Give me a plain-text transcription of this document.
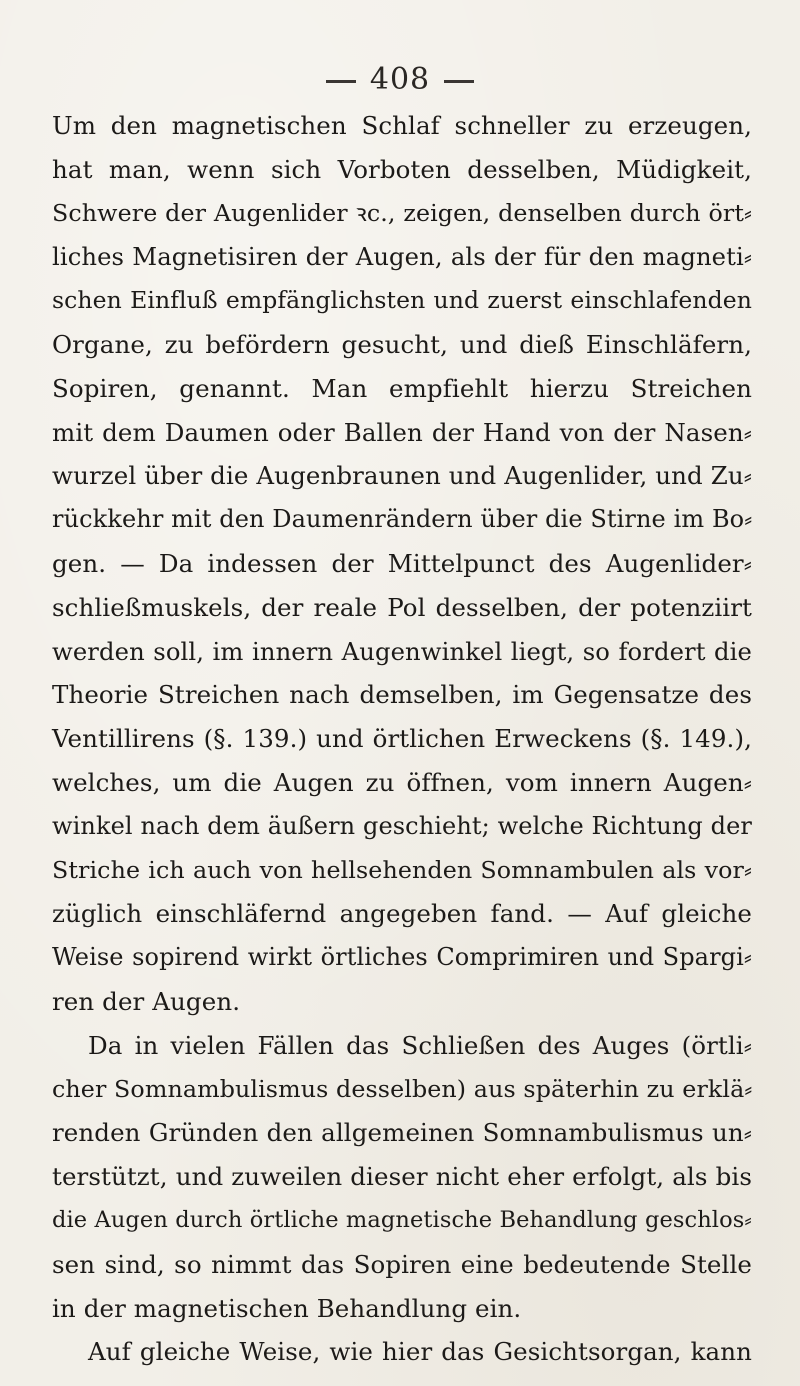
408
Um den magnetischen Schlaf schneller zu erzeugen,
hat man, wenn sich Vorboten desselben, Müdigkeit,
Schwere der Augenlider ꝛc., zeigen, denselben durch ört⸗
liches Magnetisiren der Augen, als der für den magneti⸗
schen Einfluß empfänglichsten und zuerst einschlafenden
Organe, zu befördern gesucht, und dieß Einschläfern,
Sopiren, genannt. Man empfiehlt hierzu Streichen
mit dem Daumen oder Ballen der Hand von der Nasen⸗
wurzel über die Augenbraunen und Augenlider, und Zu⸗
rückkehr mit den Daumenrändern über die Stirne im Bo⸗
gen. — Da indessen der Mittelpunct des Augenlider⸗
schließmuskels, der reale Pol desselben, der potenziirt
werden soll, im innern Augenwinkel liegt, so fordert die
Theorie Streichen nach demselben, im Gegensatze des
Ventillirens (§. 139.) und örtlichen Erweckens (§. 149.),
welches, um die Augen zu öffnen, vom innern Augen⸗
winkel nach dem äußern geschieht; welche Richtung der
Striche ich auch von hellsehenden Somnambulen als vor⸗
züglich einschläfernd angegeben fand. — Auf gleiche
Weise sopirend wirkt örtliches Comprimiren und Spargi⸗
ren der Augen.
Da in vielen Fällen das Schließen des Auges (örtli⸗
cher Somnambulismus desselben) aus späterhin zu erklä⸗
renden Gründen den allgemeinen Somnambulismus un⸗
terstützt, und zuweilen dieser nicht eher erfolgt, als bis
die Augen durch örtliche magnetische Behandlung geschlos⸗
sen sind, so nimmt das Sopiren eine bedeutende Stelle
in der magnetischen Behandlung ein.
Auf gleiche Weise, wie hier das Gesichtsorgan, kann
